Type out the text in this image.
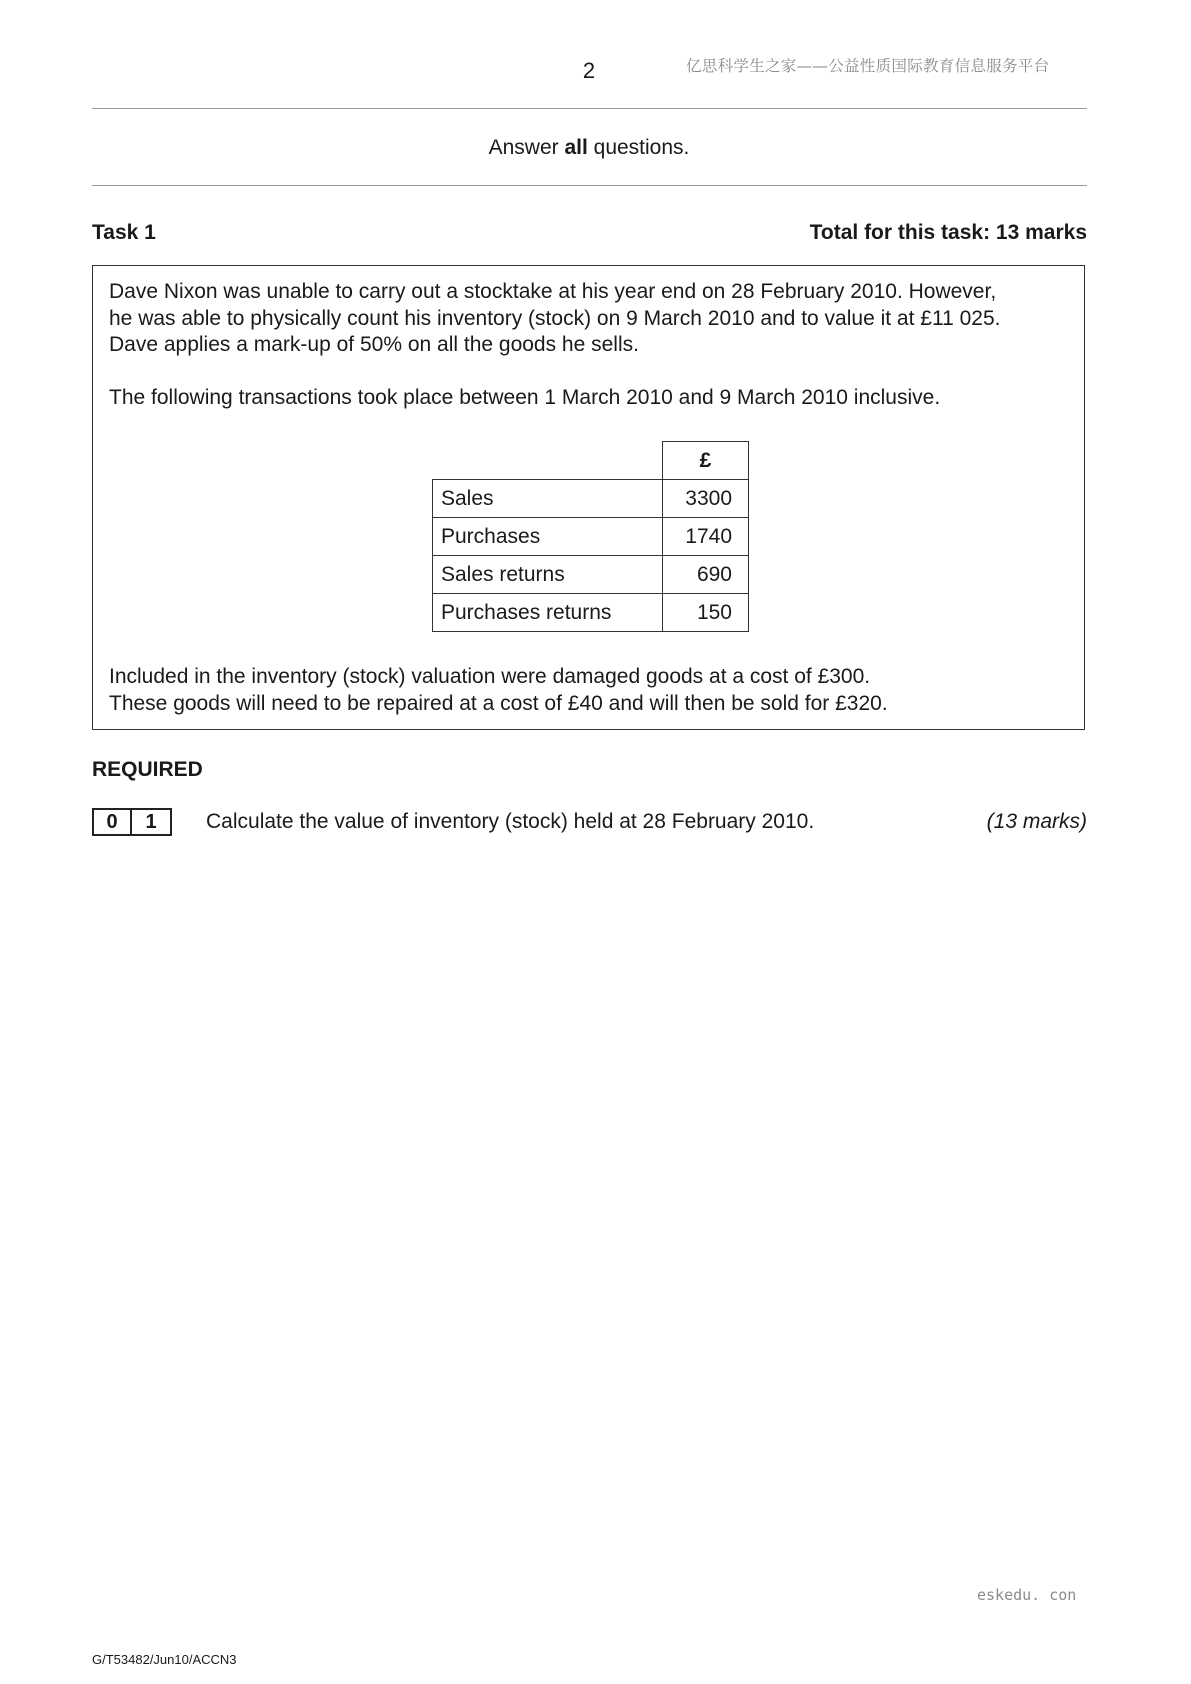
2	亿思科学生之家——公益性质国际教育信息服务平台
Answer all questions.
Task 1	Total for this task: 13 marks
Dave Nixon was unable to carry out a stocktake at his year end on 28 February 2010. However,
he was able to physically count his inventory (stock) on 9 March 2010 and to value it at £11 025.
Dave applies a mark-up of 50% on all the goods he sells.
The following transactions took place between 1 March 2010 and 9 March 2010 inclusive.
	£
Sales	3300
Purchases	1740
Sales returns	690
Purchases returns	150
Included in the inventory (stock) valuation were damaged goods at a cost of £300.
These goods will need to be repaired at a cost of £40 and will then be sold for £320.
REQUIRED
0	1	Calculate the value of inventory (stock) held at 28 February 2010.	(13 marks)
eskedu. con
G/T53482/Jun10/ACCN3
